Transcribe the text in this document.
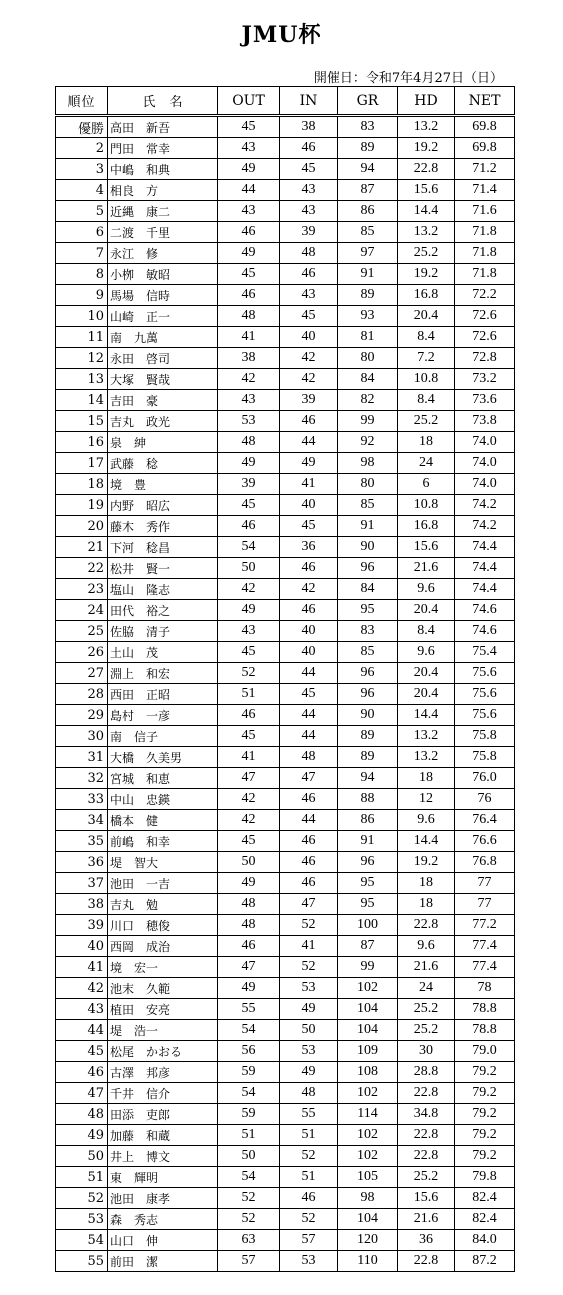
JMU杯
開催日：令和7年4月27日（日）
順位	氏名	OUT	IN	GR	HD	NET
優勝	高田　新吾	45	38	83	13.2	69.8
2	門田　常幸	43	46	89	19.2	69.8
3	中嶋　和典	49	45	94	22.8	71.2
4	相良　方	44	43	87	15.6	71.4
5	近縄　康二	43	43	86	14.4	71.6
6	二渡　千里	46	39	85	13.2	71.8
7	永江　修	49	48	97	25.2	71.8
8	小栁　敏昭	45	46	91	19.2	71.8
9	馬場　信時	46	43	89	16.8	72.2
10	山崎　正一	48	45	93	20.4	72.6
11	南　九萬	41	40	81	8.4	72.6
12	永田　啓司	38	42	80	7.2	72.8
13	大塚　賢哉	42	42	84	10.8	73.2
14	吉田　豪	43	39	82	8.4	73.6
15	吉丸　政光	53	46	99	25.2	73.8
16	泉　紳	48	44	92	18	74.0
17	武藤　稔	49	49	98	24	74.0
18	境　豊	39	41	80	6	74.0
19	内野　昭広	45	40	85	10.8	74.2
20	藤木　秀作	46	45	91	16.8	74.2
21	下河　稔昌	54	36	90	15.6	74.4
22	松井　賢一	50	46	96	21.6	74.4
23	塩山　隆志	42	42	84	9.6	74.4
24	田代　裕之	49	46	95	20.4	74.6
25	佐脇　清子	43	40	83	8.4	74.6
26	土山　茂	45	40	85	9.6	75.4
27	淵上　和宏	52	44	96	20.4	75.6
28	西田　正昭	51	45	96	20.4	75.6
29	島村　一彦	46	44	90	14.4	75.6
30	南　信子	45	44	89	13.2	75.8
31	大橋　久美男	41	48	89	13.2	75.8
32	宮城　和恵	47	47	94	18	76.0
33	中山　忠鍈	42	46	88	12	76
34	橋本　健	42	44	86	9.6	76.4
35	前嶋　和幸	45	46	91	14.4	76.6
36	堤　智大	50	46	96	19.2	76.8
37	池田　一吉	49	46	95	18	77
38	吉丸　勉	48	47	95	18	77
39	川口　穂俊	48	52	100	22.8	77.2
40	西岡　成治	46	41	87	9.6	77.4
41	境　宏一	47	52	99	21.6	77.4
42	池末　久範	49	53	102	24	78
43	植田　安亮	55	49	104	25.2	78.8
44	堤　浩一	54	50	104	25.2	78.8
45	松尾　かおる	56	53	109	30	79.0
46	古澤　邦彦	59	49	108	28.8	79.2
47	千井　信介	54	48	102	22.8	79.2
48	田添　吏郎	59	55	114	34.8	79.2
49	加藤　和蔵	51	51	102	22.8	79.2
50	井上　博文	50	52	102	22.8	79.2
51	東　輝明	54	51	105	25.2	79.8
52	池田　康孝	52	46	98	15.6	82.4
53	森　秀志	52	52	104	21.6	82.4
54	山口　伸	63	57	120	36	84.0
55	前田　潔	57	53	110	22.8	87.2
